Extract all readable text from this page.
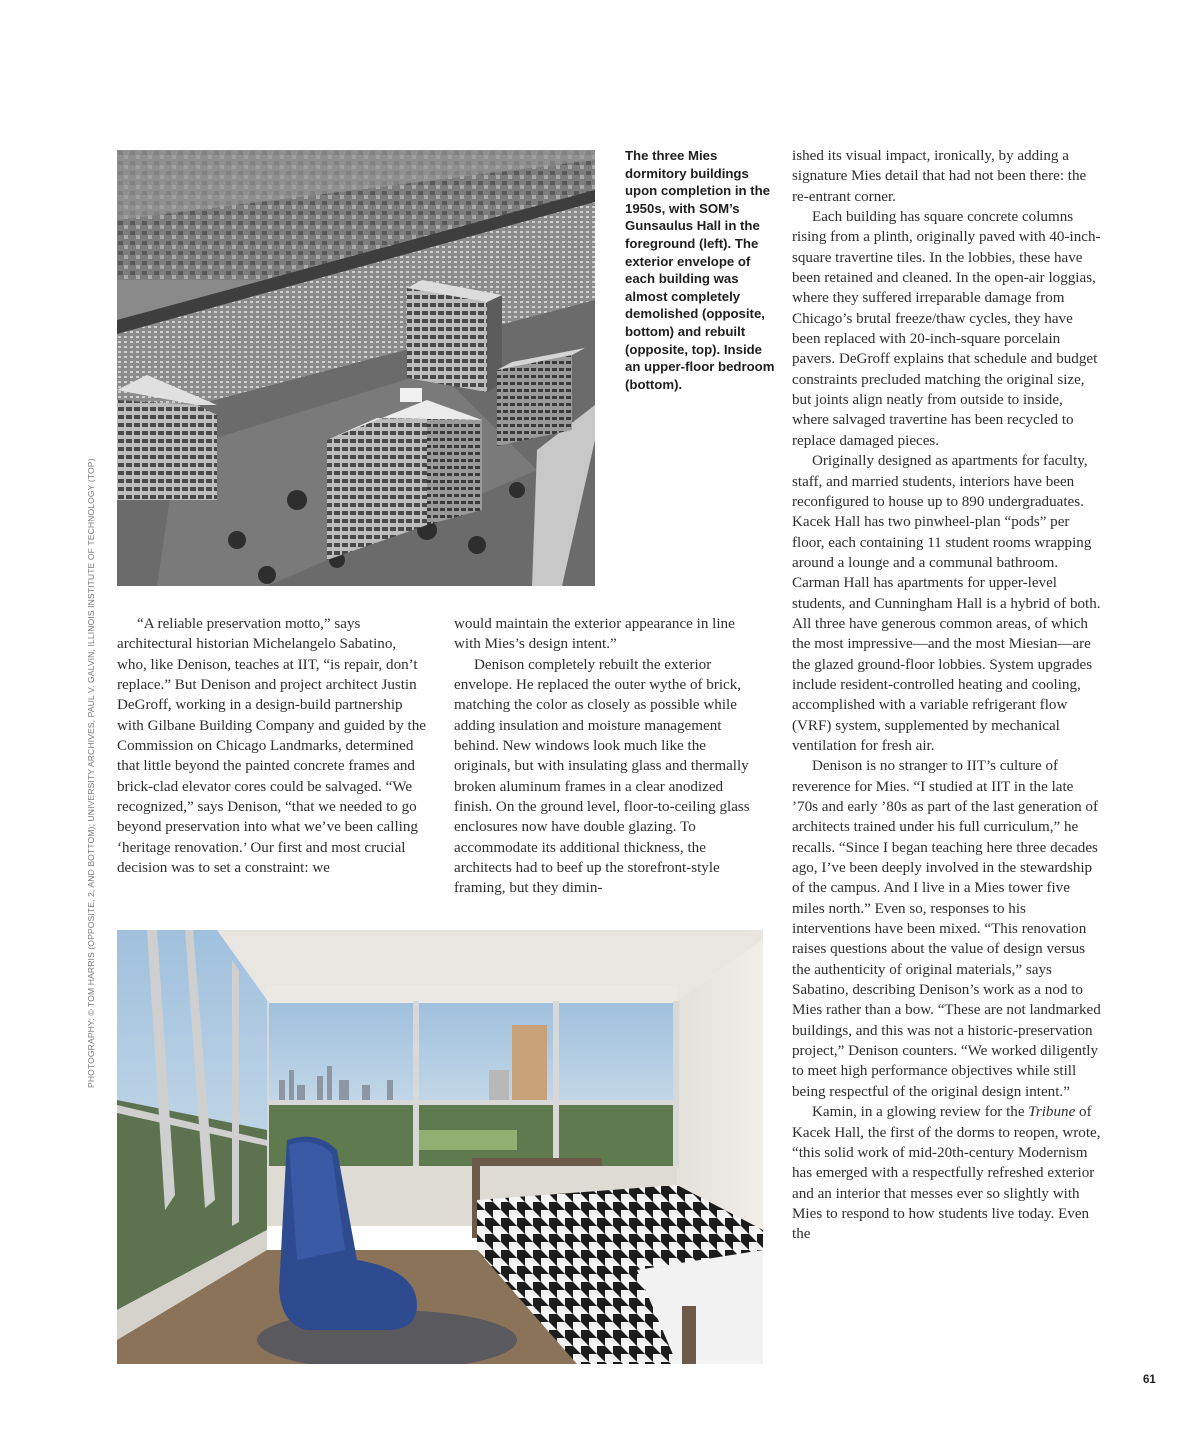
The three Mies dormitory buildings upon completion in the 1950s, with SOM’s Gunsaulus Hall in the foreground (left). The exterior envelope of each building was almost completely demolished (opposite, bottom) and rebuilt (opposite, top). Inside an upper-floor bedroom (bottom).

“A reliable preservation motto,” says architectural historian Michelangelo Sabatino, who, like Denison, teaches at IIT, “is repair, don’t replace.” But Denison and project architect Justin DeGroff, working in a design-build partnership with Gilbane Building Company and guided by the Commission on Chicago Landmarks, determined that little beyond the painted concrete frames and brick-clad elevator cores could be salvaged. “We recognized,” says Denison, “that we needed to go beyond preservation into what we’ve been calling ‘heritage renovation.’ Our first and most crucial decision was to set a constraint: we

would maintain the exterior appearance in line with Mies’s design intent.”

Denison completely rebuilt the exterior envelope. He replaced the outer wythe of brick, matching the color as closely as possible while adding insulation and moisture management behind. New windows look much like the originals, but with insulating glass and thermally broken aluminum frames in a clear anodized finish. On the ground level, floor-to-ceiling glass enclosures now have double glazing. To accommodate its additional thickness, the architects had to beef up the storefront-style framing, but they dimin-

ished its visual impact, ironically, by adding a signature Mies detail that had not been there: the re-entrant corner.

Each building has square concrete columns rising from a plinth, originally paved with 40-inch-square travertine tiles. In the lobbies, these have been retained and cleaned. In the open-air loggias, where they suffered irreparable damage from Chicago’s brutal freeze/thaw cycles, they have been replaced with 20-inch-square porcelain pavers. DeGroff explains that schedule and budget constraints precluded matching the original size, but joints align neatly from outside to inside, where salvaged travertine has been recycled to replace damaged pieces.

Originally designed as apartments for faculty, staff, and married students, interiors have been reconfigured to house up to 890 undergraduates. Kacek Hall has two pinwheel-plan “pods” per floor, each containing 11 student rooms wrapping around a lounge and a communal bathroom. Carman Hall has apartments for upper-level students, and Cunningham Hall is a hybrid of both. All three have generous common areas, of which the most impressive—and the most Miesian—are the glazed ground-floor lobbies. System upgrades include resident-controlled heating and cooling, accomplished with a variable refrigerant flow (VRF) system, supplemented by mechanical ventilation for fresh air.

Denison is no stranger to IIT’s culture of reverence for Mies. “I studied at IIT in the late ’70s and early ’80s as part of the last generation of architects trained under his full curriculum,” he recalls. “Since I began teaching here three decades ago, I’ve been deeply involved in the stewardship of the campus. And I live in a Mies tower five miles north.” Even so, responses to his interventions have been mixed. “This renovation raises questions about the value of design versus the authenticity of original materials,” says Sabatino, describing Denison’s work as a nod to Mies rather than a bow. “These are not landmarked buildings, and this was not a historic-preservation project,” Denison counters. “We worked diligently to meet high performance objectives while still being respectful of the original design intent.”

Kamin, in a glowing review for the Tribune of Kacek Hall, the first of the dorms to reopen, wrote, “this solid work of mid-20th-century Modernism has emerged with a respectfully refreshed exterior and an interior that messes ever so slightly with Mies to respond to how students live today. Even the

PHOTOGRAPHY: © TOM HARRIS (OPPOSITE, 2, AND BOTTOM); UNIVERSITY ARCHIVES, PAUL V. GALVIN, ILLINOIS INSTITUTE OF TECHNOLOGY (TOP)
61
